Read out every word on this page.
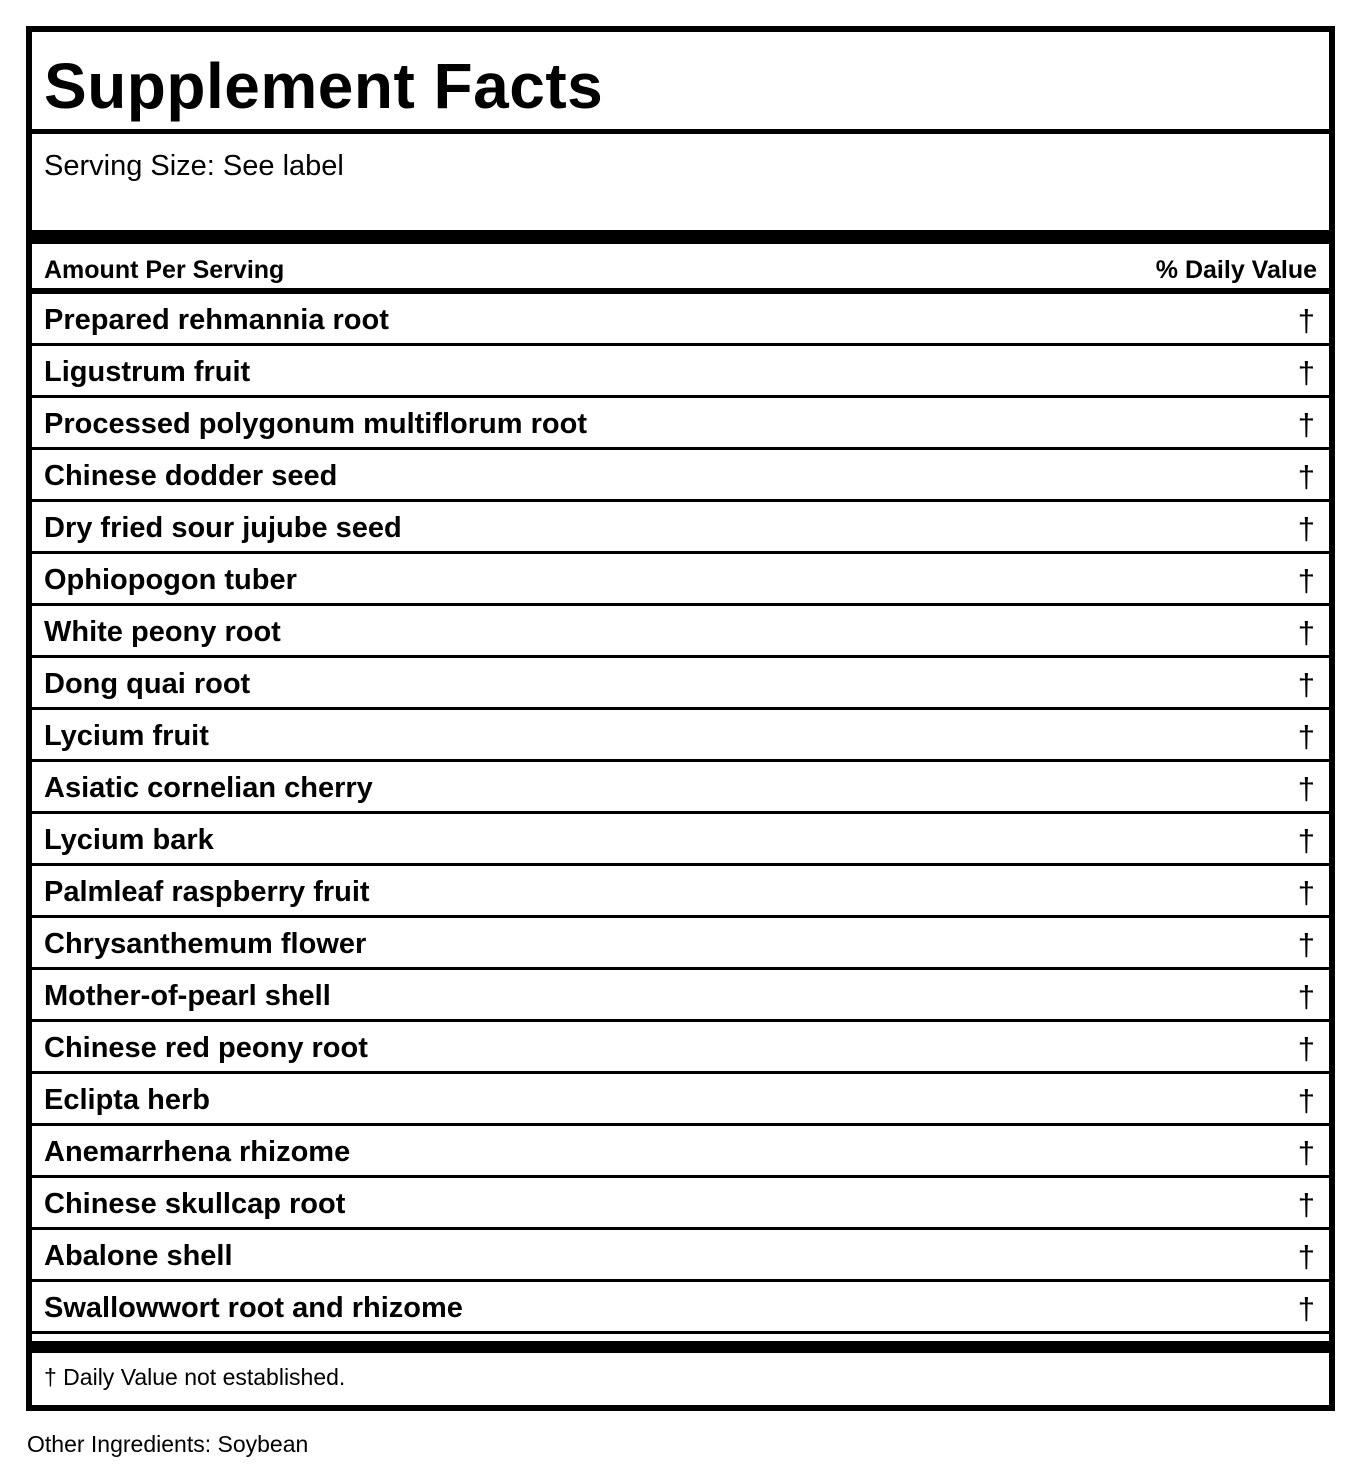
Supplement Facts
Serving Size: See label
Amount Per Serving	% Daily Value
Prepared rehmannia root	†
Ligustrum fruit	†
Processed polygonum multiflorum root	†
Chinese dodder seed	†
Dry fried sour jujube seed	†
Ophiopogon tuber	†
White peony root	†
Dong quai root	†
Lycium fruit	†
Asiatic cornelian cherry	†
Lycium bark	†
Palmleaf raspberry fruit	†
Chrysanthemum flower	†
Mother-of-pearl shell	†
Chinese red peony root	†
Eclipta herb	†
Anemarrhena rhizome	†
Chinese skullcap root	†
Abalone shell	†
Swallowwort root and rhizome	†
† Daily Value not established.
Other Ingredients: Soybean
